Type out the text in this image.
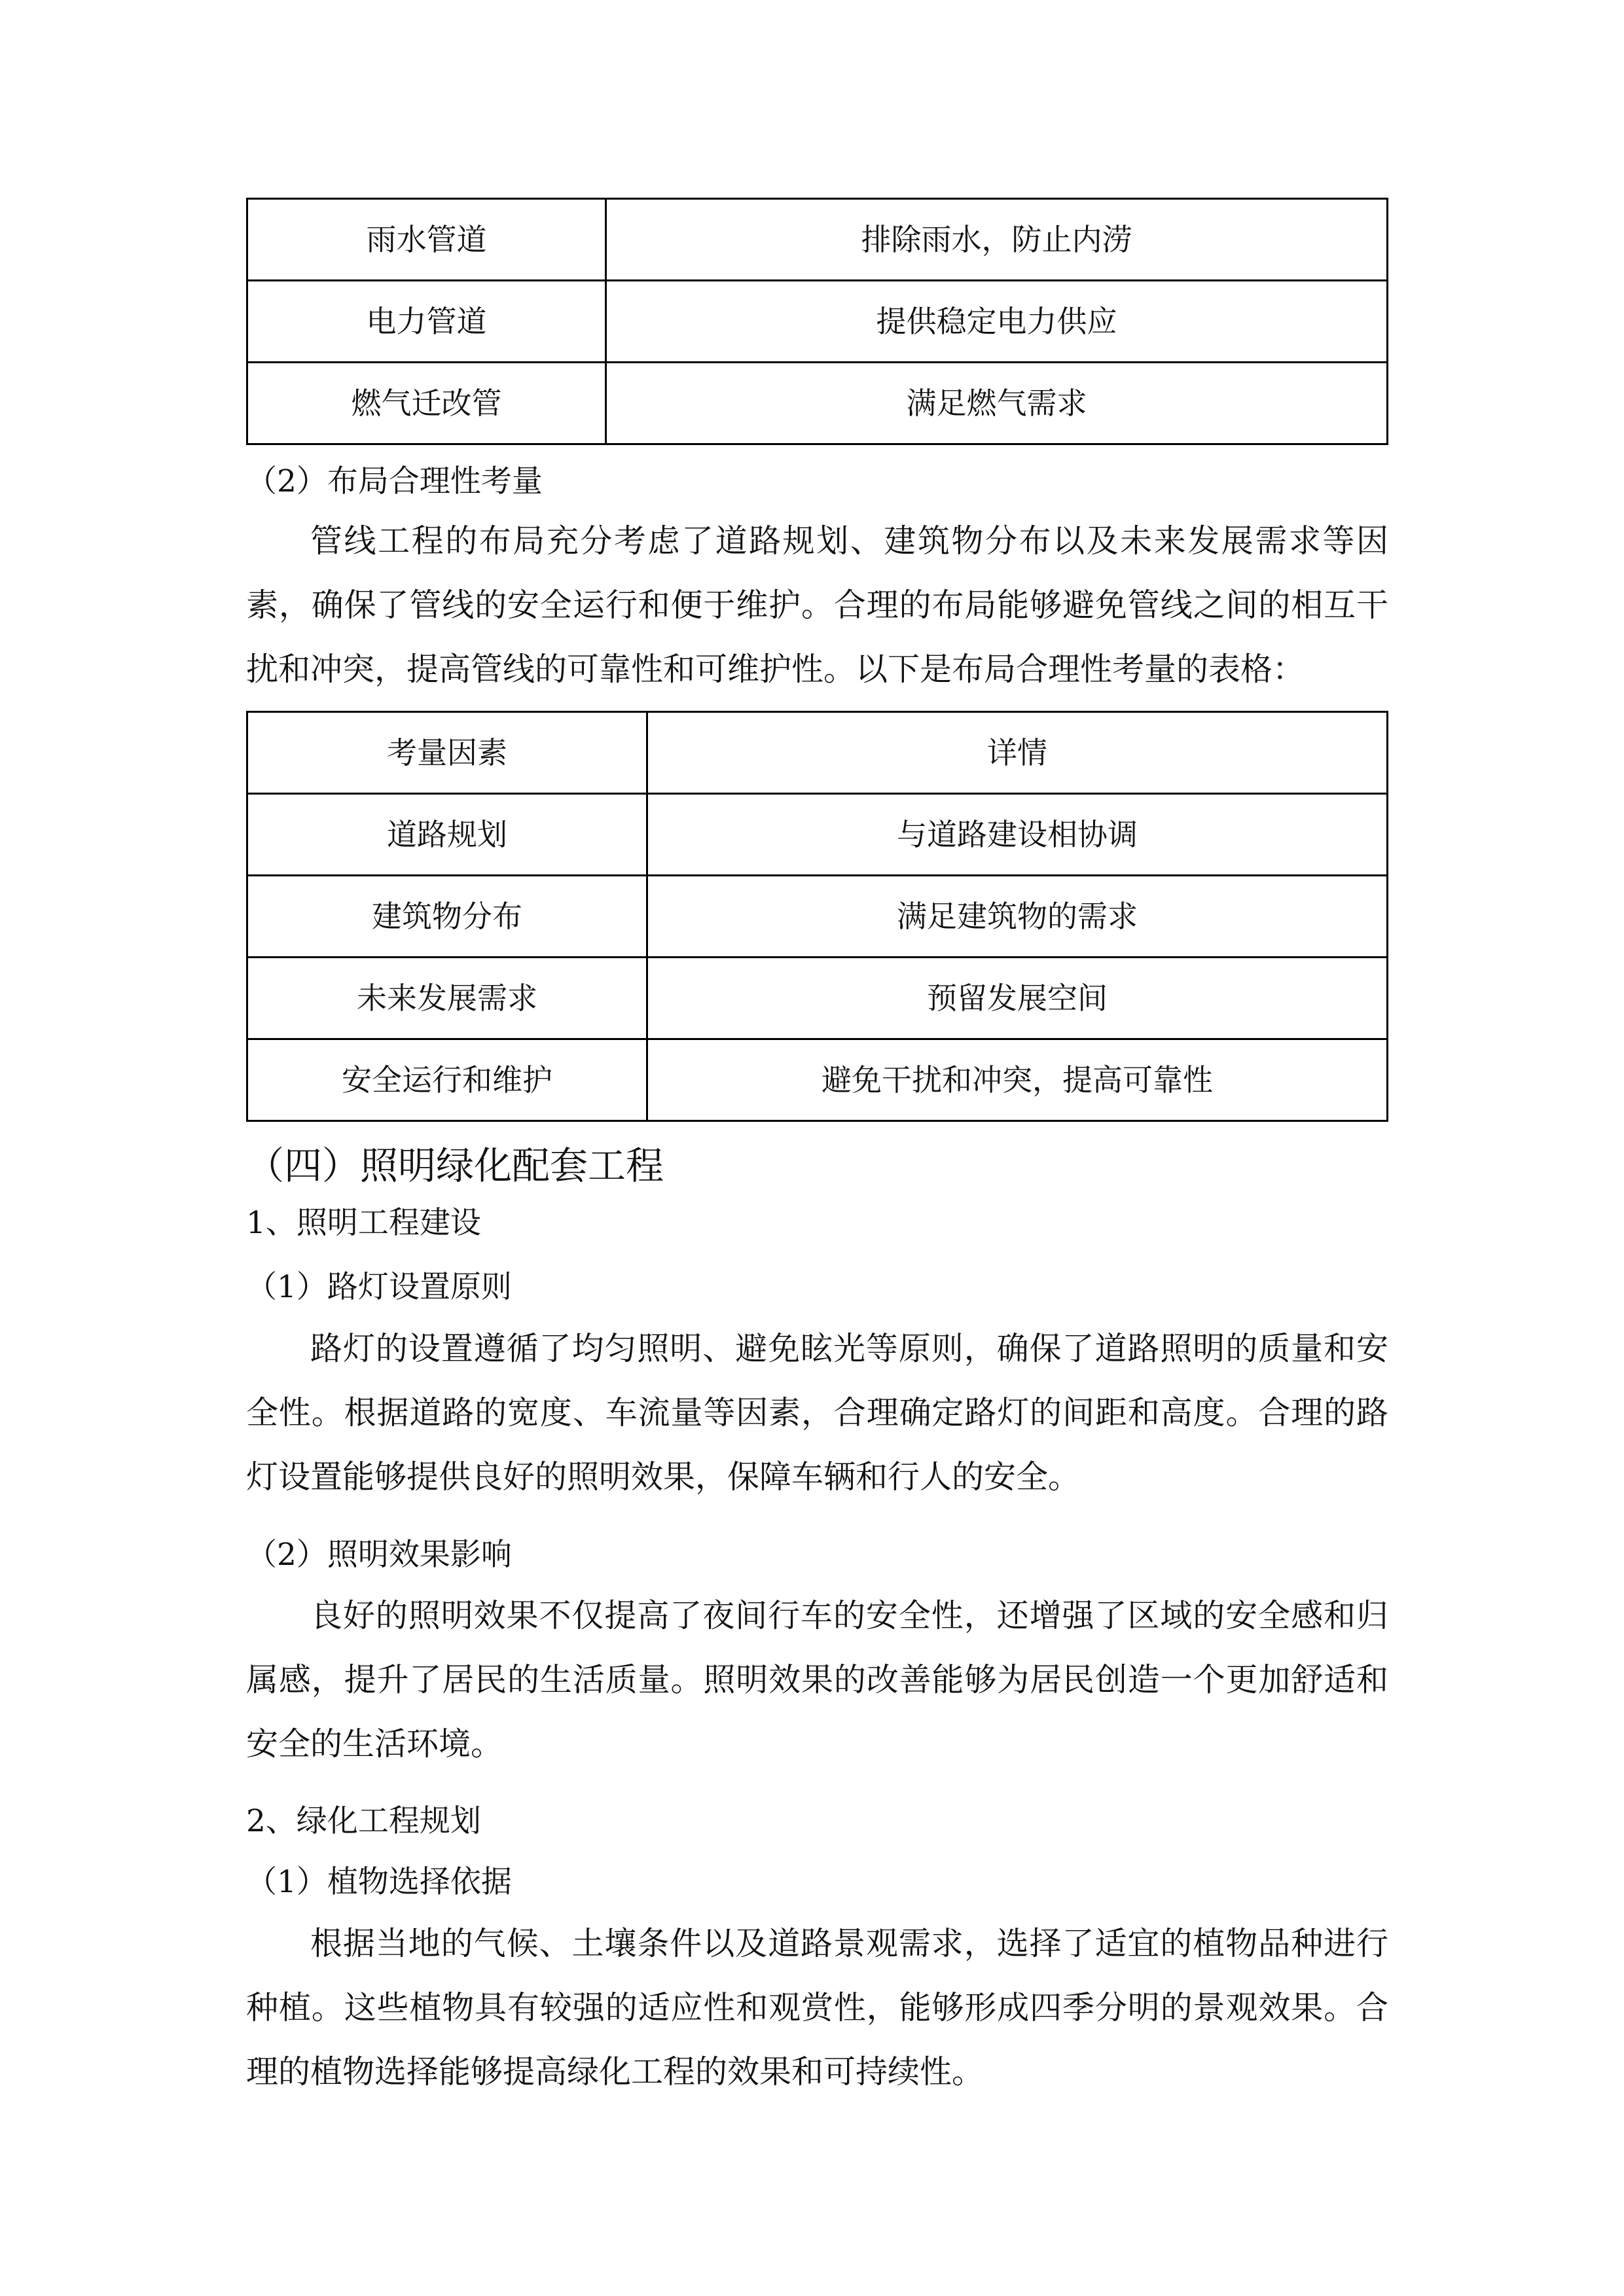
雨水管道	排除雨水，防止内涝
电力管道	提供稳定电力供应
燃气迁改管	满足燃气需求
（2）布局合理性考量

管线工程的布局充分考虑了道路规划、建筑物分布以及未来发展需求等因素，确保了管线的安全运行和便于维护。合理的布局能够避免管线之间的相互干扰和冲突，提高管线的可靠性和可维护性。以下是布局合理性考量的表格：

考量因素	详情
道路规划	与道路建设相协调
建筑物分布	满足建筑物的需求
未来发展需求	预留发展空间
安全运行和维护	避免干扰和冲突，提高可靠性
（四）照明绿化配套工程
1、照明工程建设
（1）路灯设置原则

路灯的设置遵循了均匀照明、避免眩光等原则，确保了道路照明的质量和安全性。根据道路的宽度、车流量等因素，合理确定路灯的间距和高度。合理的路灯设置能够提供良好的照明效果，保障车辆和行人的安全。

（2）照明效果影响

良好的照明效果不仅提高了夜间行车的安全性，还增强了区域的安全感和归属感，提升了居民的生活质量。照明效果的改善能够为居民创造一个更加舒适和安全的生活环境。

2、绿化工程规划
（1）植物选择依据

根据当地的气候、土壤条件以及道路景观需求，选择了适宜的植物品种进行种植。这些植物具有较强的适应性和观赏性，能够形成四季分明的景观效果。合理的植物选择能够提高绿化工程的效果和可持续性。
